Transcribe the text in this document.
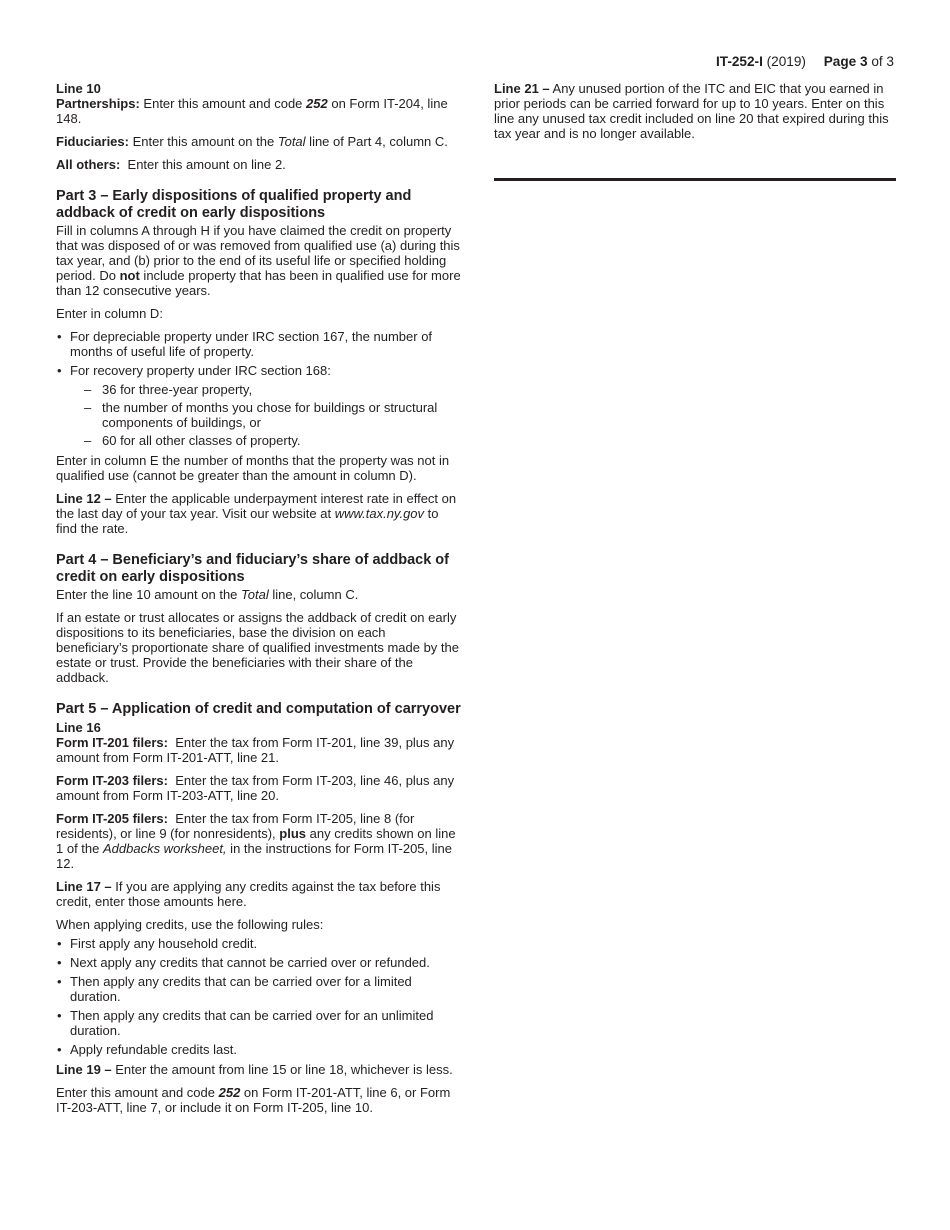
IT-252-I (2019) Page 3 of 3
Line 10

Partnerships: Enter this amount and code 252 on Form IT-204, line 148.

Fiduciaries: Enter this amount on the Total line of Part 4, column C.

All others:  Enter this amount on line 2.

Part 3 – Early dispositions of qualified property and addback of credit on early dispositions

Fill in columns A through H if you have claimed the credit on property that was disposed of or was removed from qualified use (a) during this tax year, and (b) prior to the end of its useful life or specified holding period. Do not include property that has been in qualified use for more than 12 consecutive years.

Enter in column D:

• For depreciable property under IRC section 167, the number of months of useful life of property.
• For recovery property under IRC section 168:
– 36 for three-year property,
– the number of months you chose for buildings or structural components of buildings, or
– 60 for all other classes of property.

Enter in column E the number of months that the property was not in qualified use (cannot be greater than the amount in column D).

Line 12 – Enter the applicable underpayment interest rate in effect on the last day of your tax year. Visit our website at www.tax.ny.gov to find the rate.

Part 4 – Beneficiary’s and fiduciary’s share of addback of credit on early dispositions

Enter the line 10 amount on the Total line, column C.

If an estate or trust allocates or assigns the addback of credit on early dispositions to its beneficiaries, base the division on each beneficiary’s proportionate share of qualified investments made by the estate or trust. Provide the beneficiaries with their share of the addback.

Part 5 – Application of credit and computation of carryover
Line 16

Form IT-201 filers:  Enter the tax from Form IT-201, line 39, plus any amount from Form IT-201-ATT, line 21.

Form IT-203 filers:  Enter the tax from Form IT-203, line 46, plus any amount from Form IT-203-ATT, line 20.

Form IT-205 filers:  Enter the tax from Form IT-205, line 8 (for residents), or line 9 (for nonresidents), plus any credits shown on line 1 of the Addbacks worksheet, in the instructions for Form IT-205, line 12.

Line 17 – If you are applying any credits against the tax before this credit, enter those amounts here.

When applying credits, use the following rules:

• First apply any household credit.
• Next apply any credits that cannot be carried over or refunded.
• Then apply any credits that can be carried over for a limited duration.
• Then apply any credits that can be carried over for an unlimited duration.
• Apply refundable credits last.

Line 19 – Enter the amount from line 15 or line 18, whichever is less.

Enter this amount and code 252 on Form IT-201-ATT, line 6, or Form IT-203-ATT, line 7, or include it on Form IT-205, line 10.

Line 21 – Any unused portion of the ITC and EIC that you earned in prior periods can be carried forward for up to 10 years. Enter on this line any unused tax credit included on line 20 that expired during this tax year and is no longer available.
